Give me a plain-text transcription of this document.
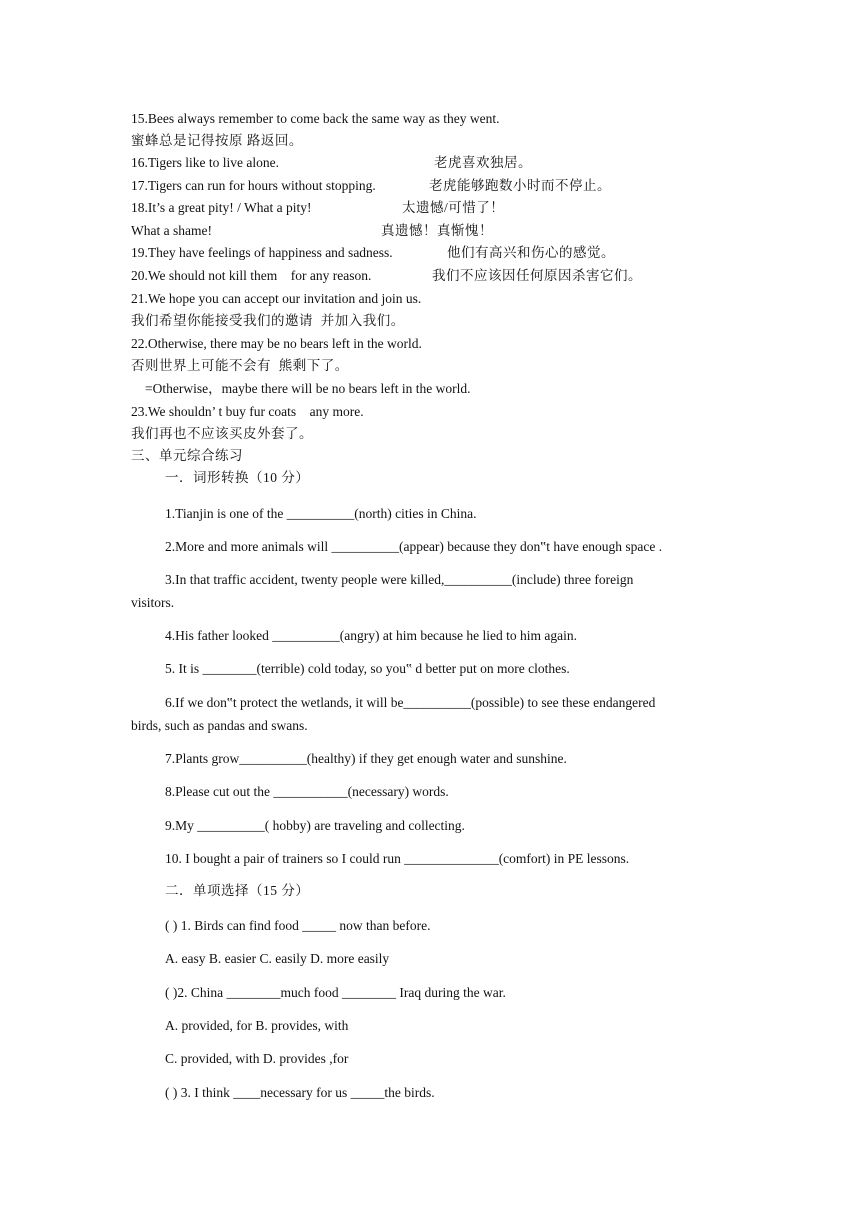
15.Bees always remember to come back the same way as they went.
蜜蜂总是记得按原 路返回。
16.Tigers like to live alone.	老虎喜欢独居。
17.Tigers can run for hours without stopping.	老虎能够跑数小时而不停止。
18.It’s a great pity! / What a pity!	太遗憾/可惜了！
What a shame!	真遗憾！真惭愧！
19.They have feelings of happiness and sadness.	他们有高兴和伤心的感觉。
20.We should not kill them    for any reason.	我们不应该因任何原因杀害它们。
21.We hope you can accept our invitation and join us.
我们希望你能接受我们的邀请  并加入我们。
22.Otherwise, there may be no bears left in the world.
否则世界上可能不会有  熊剩下了。
=Otherwise，maybe there will be no bears left in the world.
23.We shouldn’ t buy fur coats    any more.
我们再也不应该买皮外套了。
三、单元综合练习
一．词形转换（10 分）
1.Tianjin is one of the __________(north) cities in China.
2.More and more animals will __________(appear) because they don‟t have enough space .
3.In that traffic accident, twenty people were killed,__________(include) three foreign
visitors.
4.His father looked __________(angry) at him because he lied to him again.
5. It is ________(terrible) cold today, so you‟ d better put on more clothes.
6.If we don‟t protect the wetlands, it will be__________(possible) to see these endangered
birds, such as pandas and swans.
7.Plants grow__________(healthy) if they get enough water and sunshine.
8.Please cut out the ___________(necessary) words.
9.My __________( hobby) are traveling and collecting.
10. I bought a pair of trainers so I could run ______________(comfort) in PE lessons.
二．单项选择（15 分）
( ) 1. Birds can find food _____ now than before.
A. easy B. easier C. easily D. more easily
( )2. China ________much food ________ Iraq during the war.
A. provided, for B. provides, with
C. provided, with D. provides ,for
( ) 3. I think ____necessary for us _____the birds.
